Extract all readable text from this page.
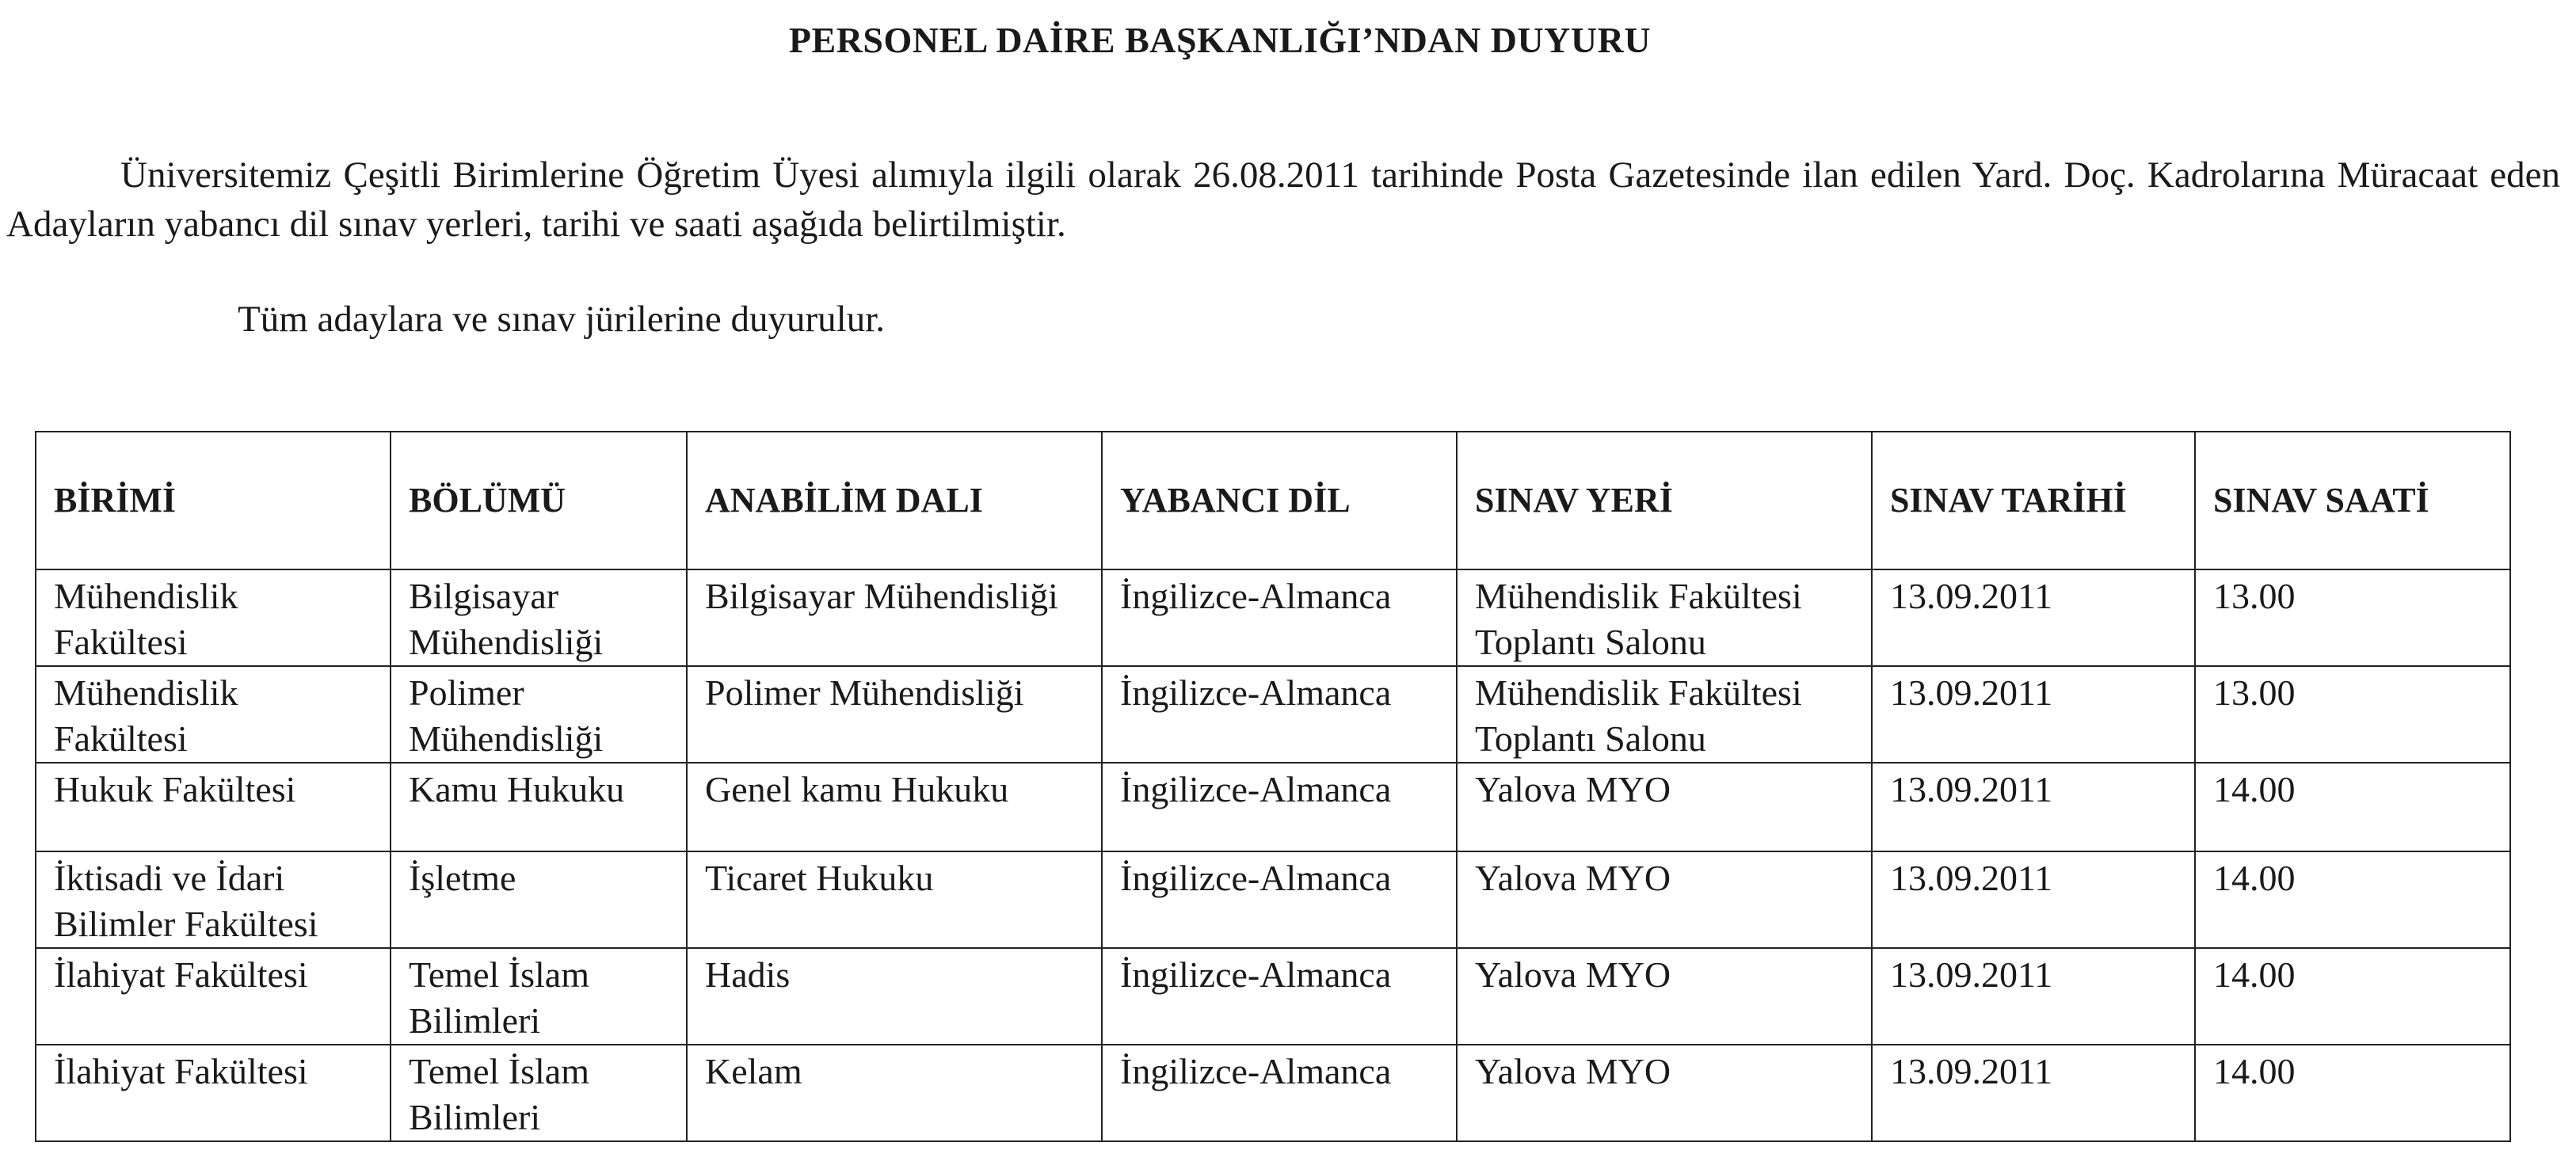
PERSONEL DAİRE BAŞKANLIĞI’NDAN DUYURU
Üniversitemiz Çeşitli Birimlerine Öğretim Üyesi alımıyla ilgili olarak 26.08.2011 tarihinde Posta Gazetesinde ilan edilen Yard. Doç. Kadrolarına Müracaat eden Adayların yabancı dil sınav yerleri, tarihi ve saati aşağıda belirtilmiştir.
Tüm adaylara ve sınav jürilerine duyurulur.
BİRİMİ	BÖLÜMÜ	ANABİLİM DALI	YABANCI DİL	SINAV YERİ	SINAV TARİHİ	SINAV SAATİ
Mühendislik Fakültesi	Bilgisayar Mühendisliği	Bilgisayar Mühendisliği	İngilizce-Almanca	Mühendislik Fakültesi Toplantı Salonu	13.09.2011	13.00
Mühendislik Fakültesi	Polimer Mühendisliği	Polimer Mühendisliği	İngilizce-Almanca	Mühendislik Fakültesi Toplantı Salonu	13.09.2011	13.00
Hukuk Fakültesi	Kamu Hukuku	Genel kamu Hukuku	İngilizce-Almanca	Yalova MYO	13.09.2011	14.00
İktisadi ve İdari Bilimler Fakültesi	İşletme	Ticaret Hukuku	İngilizce-Almanca	Yalova MYO	13.09.2011	14.00
İlahiyat Fakültesi	Temel İslam Bilimleri	Hadis	İngilizce-Almanca	Yalova MYO	13.09.2011	14.00
İlahiyat Fakültesi	Temel İslam Bilimleri	Kelam	İngilizce-Almanca	Yalova MYO	13.09.2011	14.00
